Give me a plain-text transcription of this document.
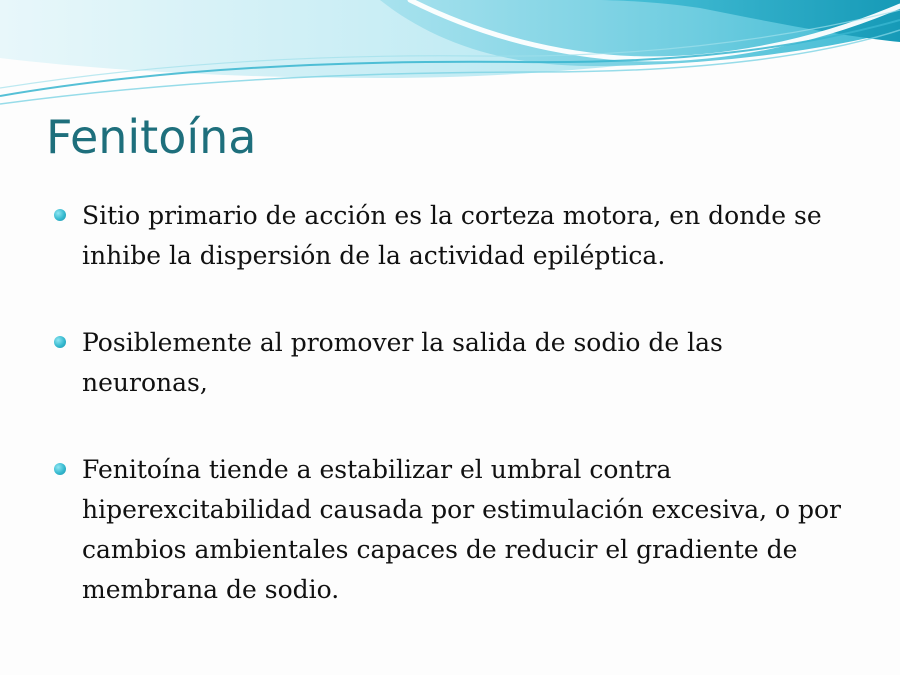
Fenitoína
Sitio primario de acción es la corteza motora, en donde se inhibe la dispersión de la actividad epiléptica.
Posiblemente al promover la salida de sodio de las neuronas,
Fenitoína tiende a estabilizar el umbral contra hiperexcitabilidad causada por estimulación excesiva, o por cambios ambientales capaces de reducir el gradiente de membrana de sodio.
